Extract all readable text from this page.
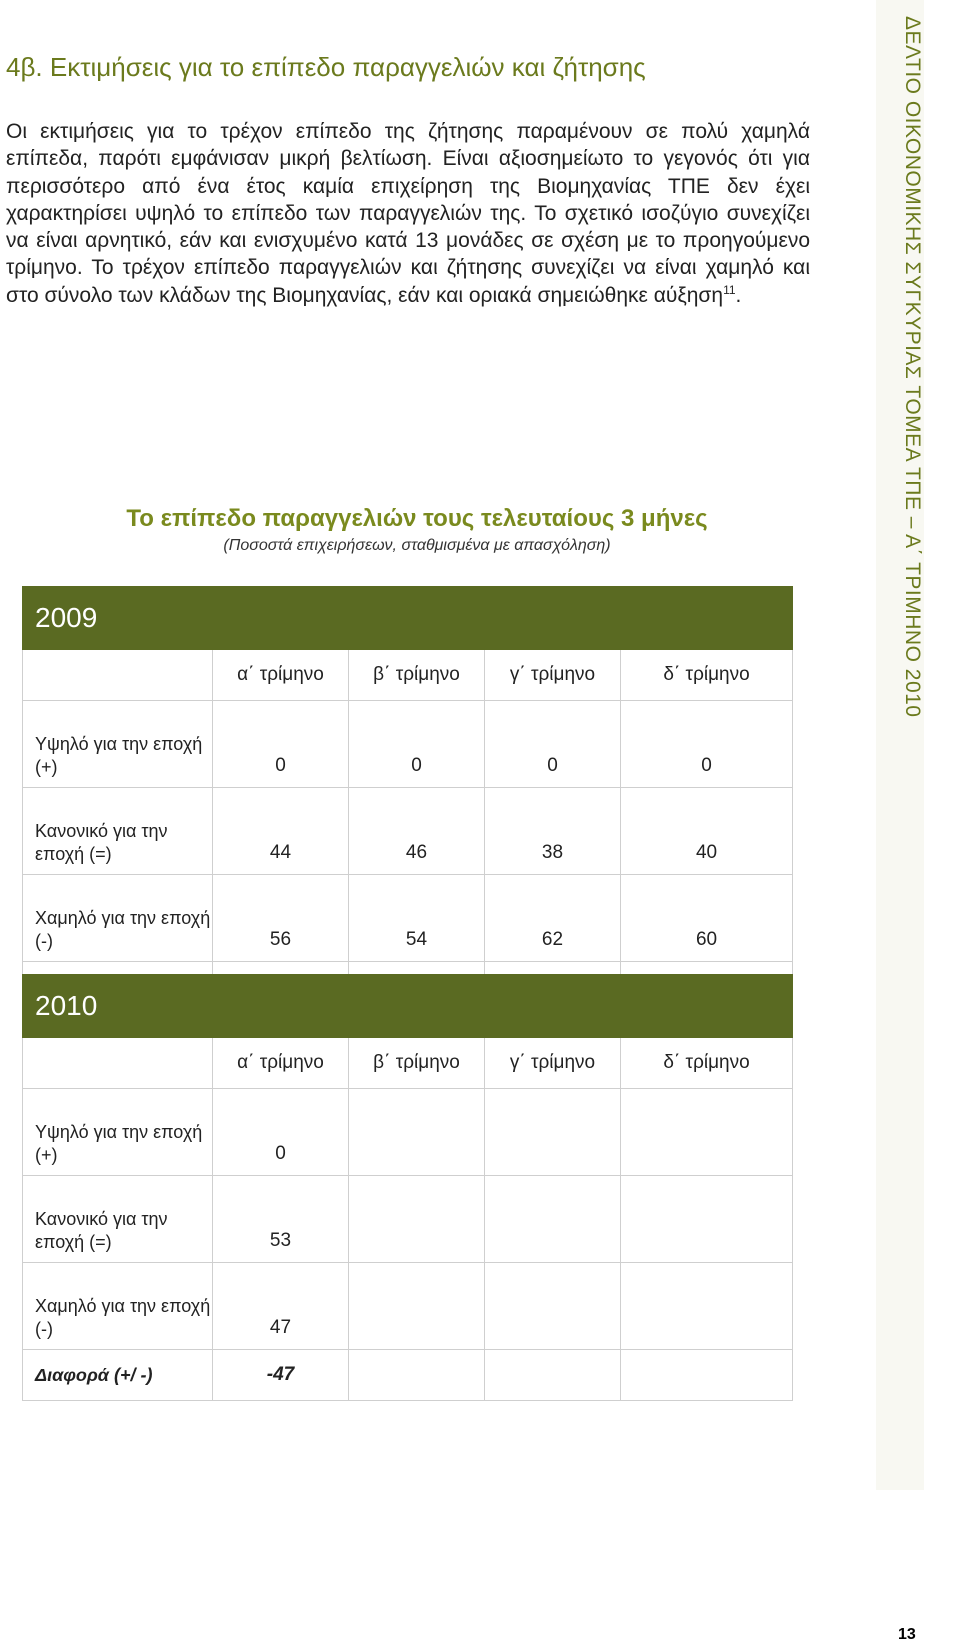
4β. Εκτιμήσεις για το επίπεδο παραγγελιών και ζήτησης

Οι εκτιμήσεις για το τρέχον επίπεδο της ζήτησης παραμένουν σε πολύ χαμηλά επίπεδα, παρότι εμφάνισαν μικρή βελτίωση. Είναι αξιοσημείωτο το γεγονός ότι για περισσότερο από ένα έτος καμία επιχείρηση της Βιομηχανίας ΤΠΕ δεν έχει χαρακτηρίσει υψηλό το επίπεδο των παραγγελιών της. Το σχετικό ισοζύγιο συνεχίζει να είναι αρνητικό, εάν και ενισχυμένο κατά 13 μονάδες σε σχέση με το προηγούμενο τρίμηνο. Το τρέχον επίπεδο παραγγελιών και ζήτησης συνεχίζει να είναι χαμηλό και στο σύνολο των κλάδων της Βιομηχανίας, εάν και οριακά σημειώθηκε αύξηση$^{11}$.

Το επίπεδο παραγγελιών τους τελευταίους 3 μήνες

(Ποσοστά επιχειρήσεων, σταθμισμένα με απασχόληση)

2009				
	α΄ τρίμηνο	β΄ τρίμηνο	γ΄ τρίμηνο	δ΄ τρίμηνο
Υψηλό για την εποχή (+)	0	0	0	0
Κανονικό για την εποχή (=)	44	46	38	40
Χαμηλό για την εποχή (-)	56	54	62	60

2010				
	α΄ τρίμηνο	β΄ τρίμηνο	γ΄ τρίμηνο	δ΄ τρίμηνο
Υψηλό για την εποχή (+)	0			
Κανονικό για την εποχή (=)	53			
Χαμηλό για την εποχή (-)	47			
Διαφορά (+/ -)	-47			
ΔΕΛΤΙΟ ΟΙΚΟΝΟΜΙΚΗΣ ΣΥΓΚΥΡΙΑΣ ΤΟΜΕΑ ΤΠΕ – Α΄ ΤΡΙΜΗΝΟ 2010
13
